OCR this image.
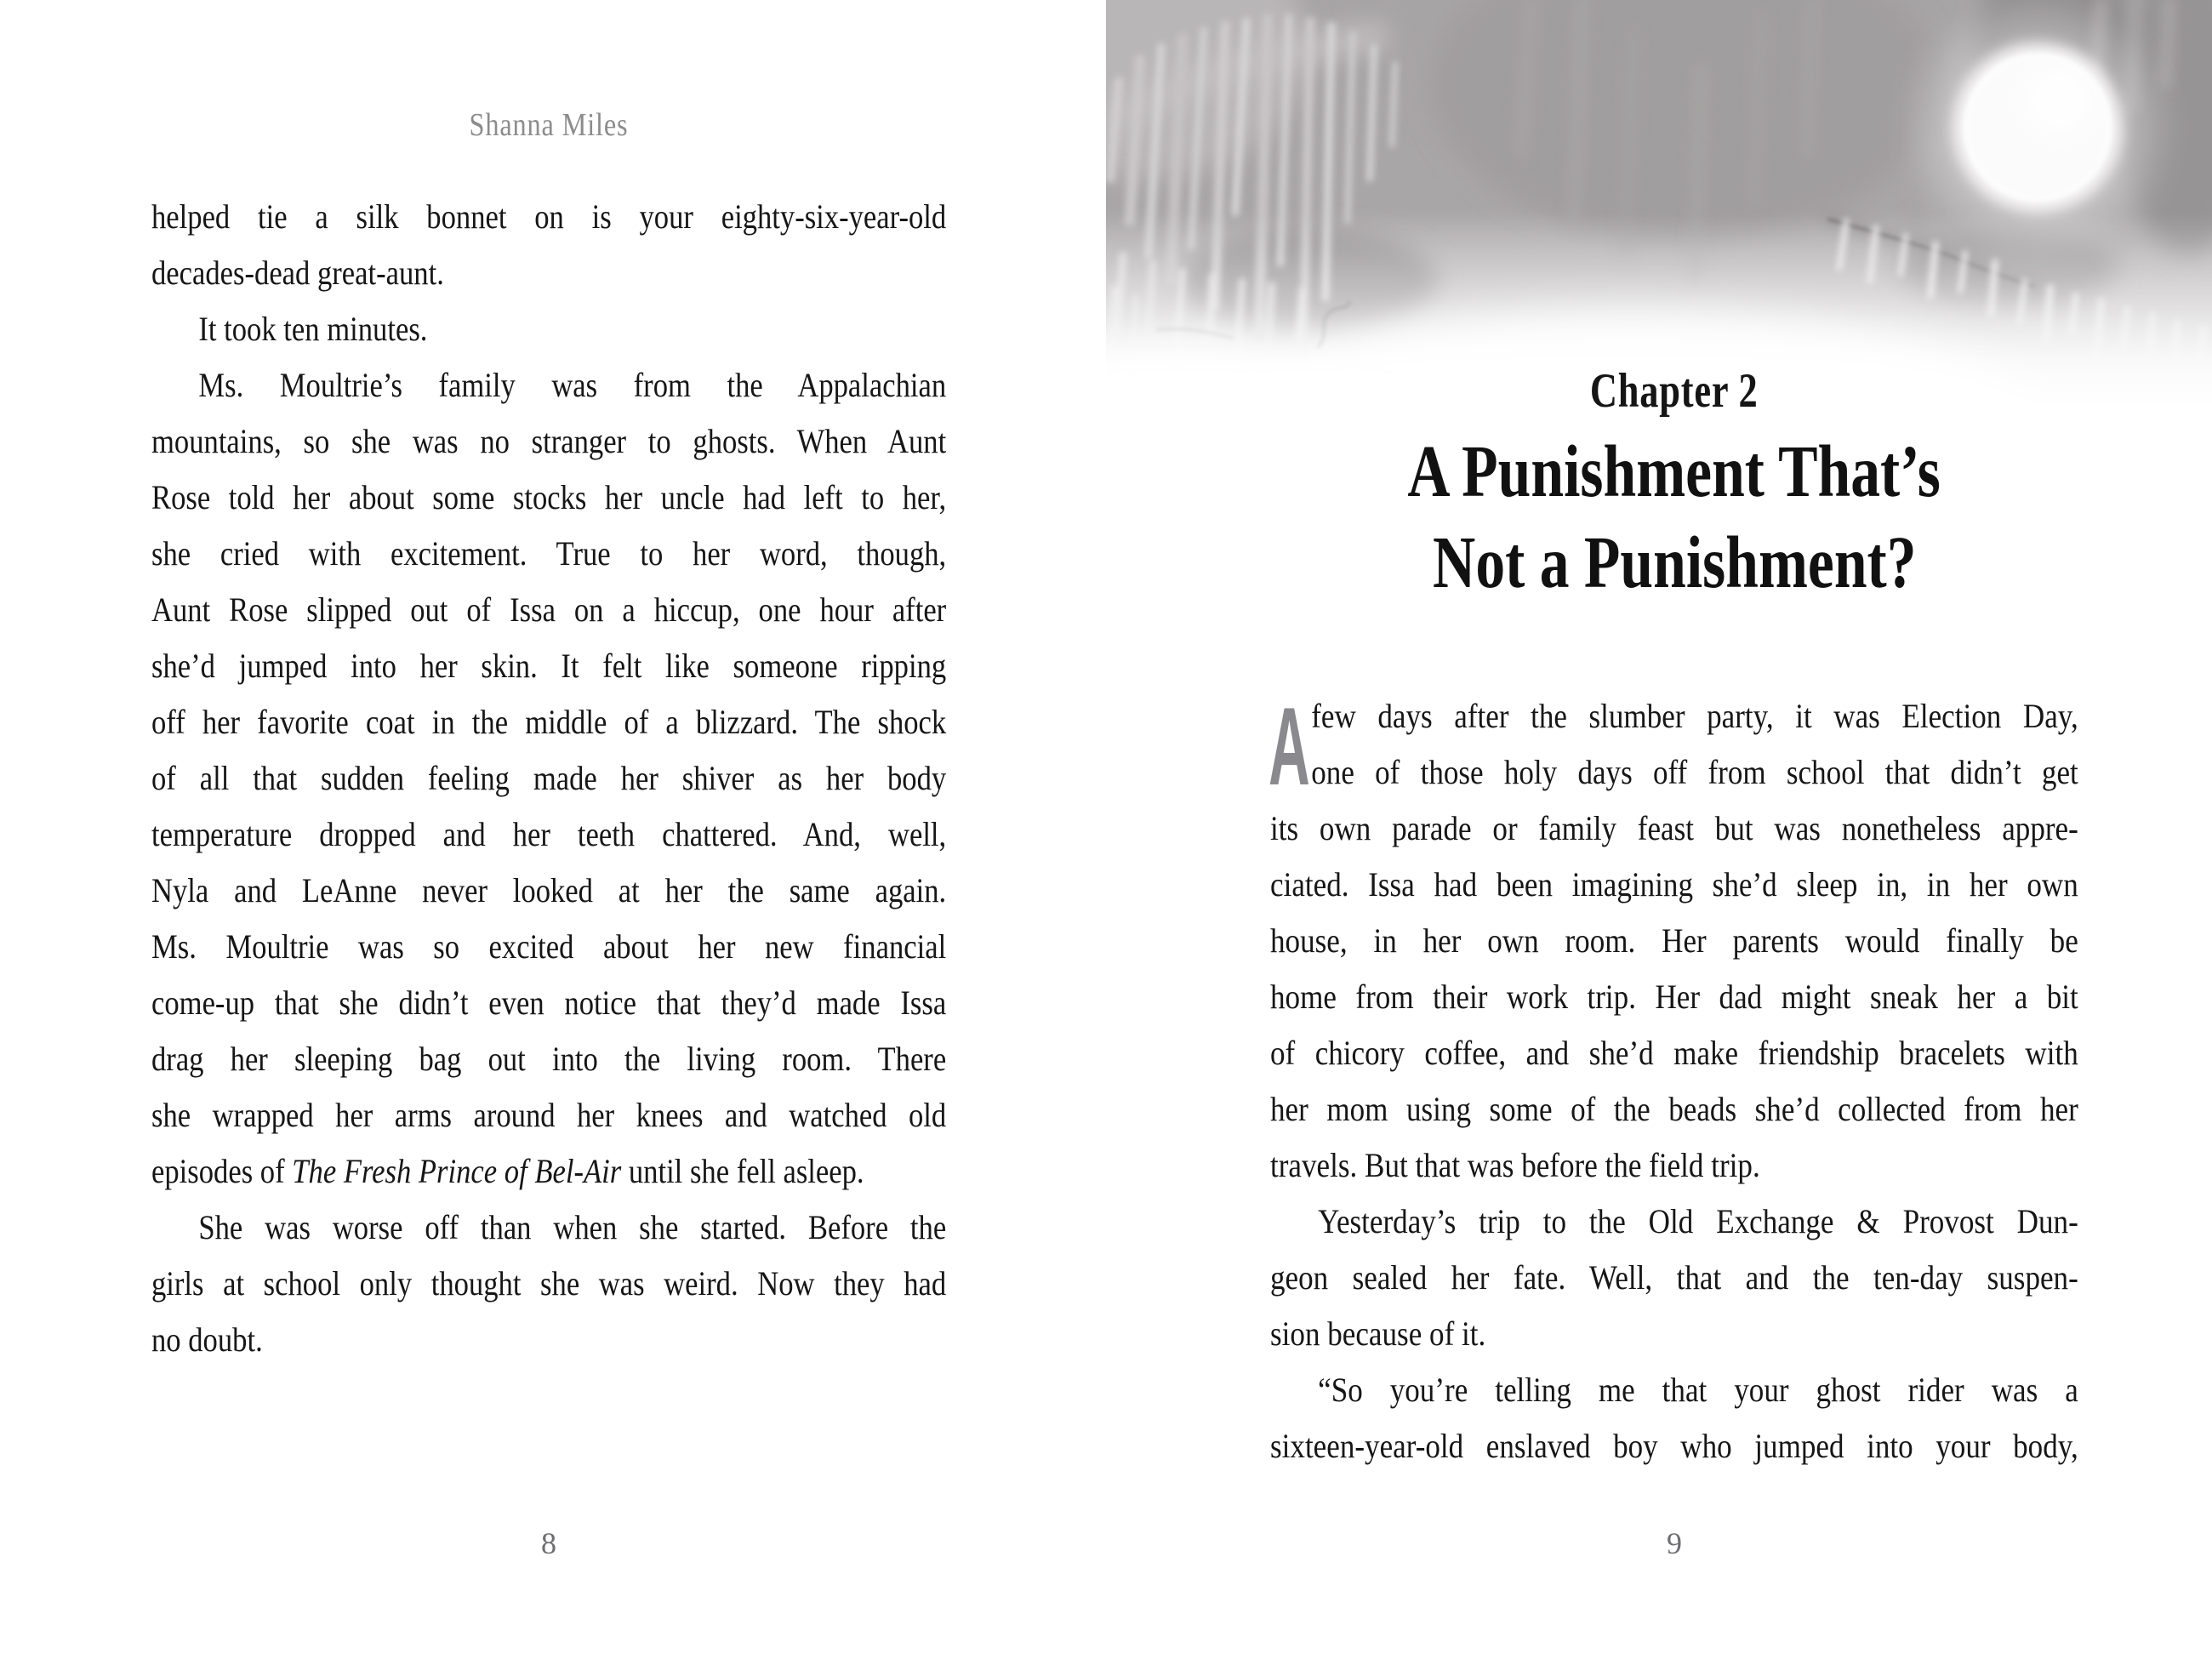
Shanna Miles
helped tie a silk bonnet on is your eighty-six-year-old
decades-dead great-aunt.
It took ten minutes.
Ms. Moultrie’s family was from the Appalachian
mountains, so she was no stranger to ghosts. When Aunt
Rose told her about some stocks her uncle had left to her,
she cried with excitement. True to her word, though,
Aunt Rose slipped out of Issa on a hiccup, one hour after
she’d jumped into her skin. It felt like someone ripping
off her favorite coat in the middle of a blizzard. The shock
of all that sudden feeling made her shiver as her body
temperature dropped and her teeth chattered. And, well,
Nyla and LeAnne never looked at her the same again.
Ms. Moultrie was so excited about her new financial
come-up that she didn’t even notice that they’d made Issa
drag her sleeping bag out into the living room. There
she wrapped her arms around her knees and watched old
episodes of The Fresh Prince of Bel-Air until she fell asleep.
She was worse off than when she started. Before the
girls at school only thought she was weird. Now they had
no doubt.
8
Chapter 2
A Punishment That’s
Not a Punishment?
A few days after the slumber party, it was Election Day,
one of those holy days off from school that didn’t get
its own parade or family feast but was nonetheless appre-
ciated. Issa had been imagining she’d sleep in, in her own
house, in her own room. Her parents would finally be
home from their work trip. Her dad might sneak her a bit
of chicory coffee, and she’d make friendship bracelets with
her mom using some of the beads she’d collected from her
travels. But that was before the field trip.
Yesterday’s trip to the Old Exchange & Provost Dun-
geon sealed her fate. Well, that and the ten-day suspen-
sion because of it.
“So you’re telling me that your ghost rider was a
sixteen-year-old enslaved boy who jumped into your body,
9
